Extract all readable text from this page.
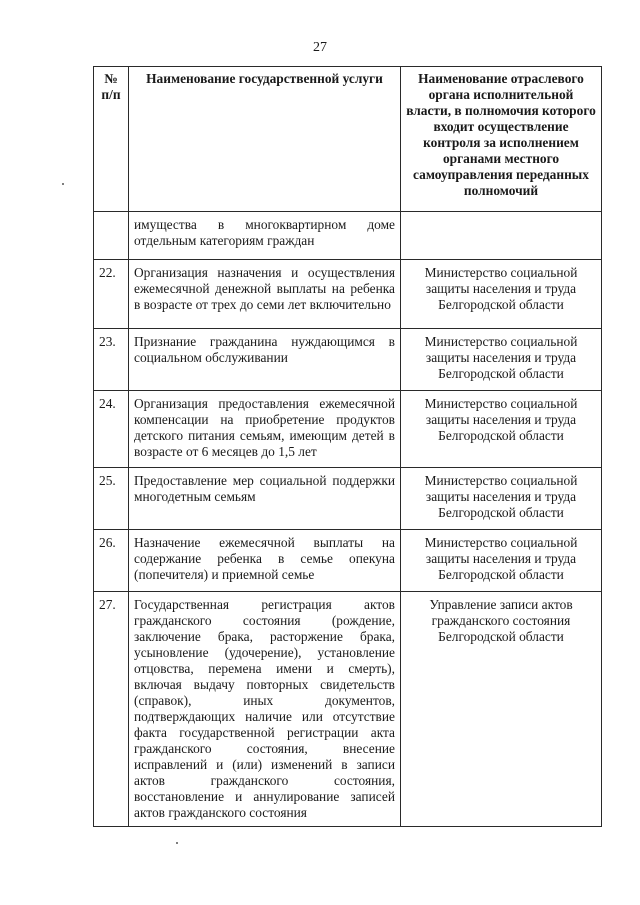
27
№ п/п	Наименование государственной услуги	Наименование отраслевого органа исполнительной власти, в полномочия которого входит осуществление контроля за исполнением органами местного самоуправления переданных полномочий
	имущества в многоквартирном доме отдельным категориям граждан	
22.	Организация назначения и осуществления ежемесячной денежной выплаты на ребенка в возрасте от трех до семи лет включительно	Министерство социальной защиты населения и труда Белгородской области
23.	Признание гражданина нуждающимся в социальном обслуживании	Министерство социальной защиты населения и труда Белгородской области
24.	Организация предоставления ежемесячной компенсации на приобретение продуктов детского питания семьям, имеющим детей в возрасте от 6 месяцев до 1,5 лет	Министерство социальной защиты населения и труда Белгородской области
25.	Предоставление мер социальной поддержки многодетным семьям	Министерство социальной защиты населения и труда Белгородской области
26.	Назначение ежемесячной выплаты на содержание ребенка в семье опекуна (попечителя) и приемной семье	Министерство социальной защиты населения и труда Белгородской области
27.	Государственная регистрация актов гражданского состояния (рождение, заключение брака, расторжение брака, усыновление (удочерение), установление отцовства, перемена имени и смерть), включая выдачу повторных свидетельств (справок), иных документов, подтверждающих наличие или отсутствие факта государственной регистрации акта гражданского состояния, внесение исправлений и (или) изменений в записи актов гражданского состояния, восстановление и аннулирование записей актов гражданского состояния	Управление записи актов гражданского состояния Белгородской области
